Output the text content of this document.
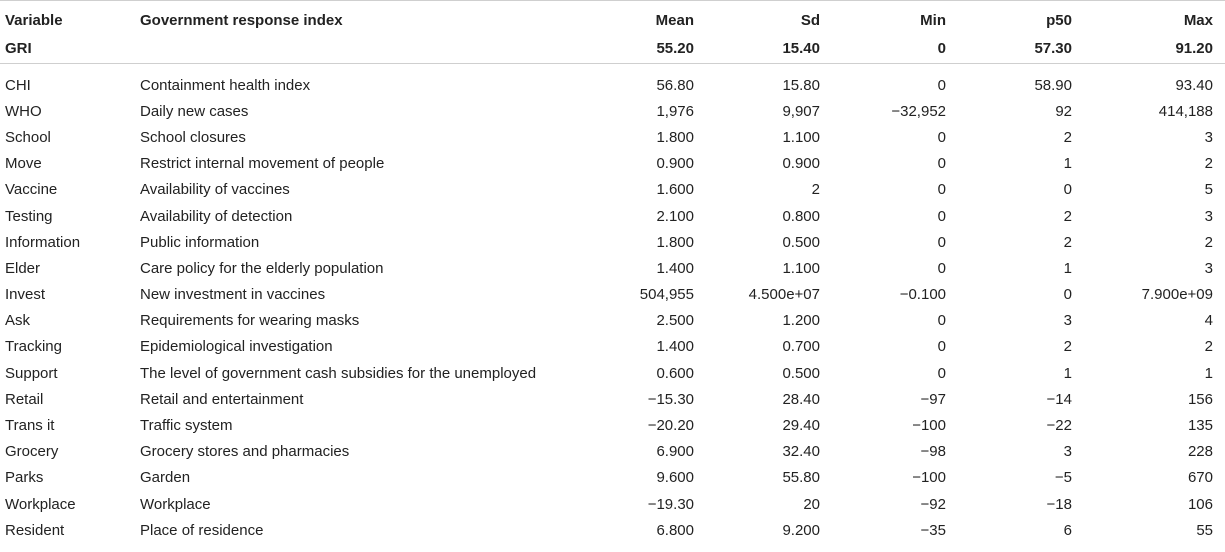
Variable	Government response index	Mean	Sd	Min	p50	Max
GRI		55.20	15.40	0	57.30	91.20
CHI	Containment health index	56.80	15.80	0	58.90	93.40
WHO	Daily new cases	1,976	9,907	−32,952	92	414,188
School	School closures	1.800	1.100	0	2	3
Move	Restrict internal movement of people	0.900	0.900	0	1	2
Vaccine	Availability of vaccines	1.600	2	0	0	5
Testing	Availability of detection	2.100	0.800	0	2	3
Information	Public information	1.800	0.500	0	2	2
Elder	Care policy for the elderly population	1.400	1.100	0	1	3
Invest	New investment in vaccines	504,955	4.500e+07	−0.100	0	7.900e+09
Ask	Requirements for wearing masks	2.500	1.200	0	3	4
Tracking	Epidemiological investigation	1.400	0.700	0	2	2
Support	The level of government cash subsidies for the unemployed	0.600	0.500	0	1	1
Retail	Retail and entertainment	−15.30	28.40	−97	−14	156
Trans it	Traffic system	−20.20	29.40	−100	−22	135
Grocery	Grocery stores and pharmacies	6.900	32.40	−98	3	228
Parks	Garden	9.600	55.80	−100	−5	670
Workplace	Workplace	−19.30	20	−92	−18	106
Resident	Place of residence	6.800	9.200	−35	6	55
